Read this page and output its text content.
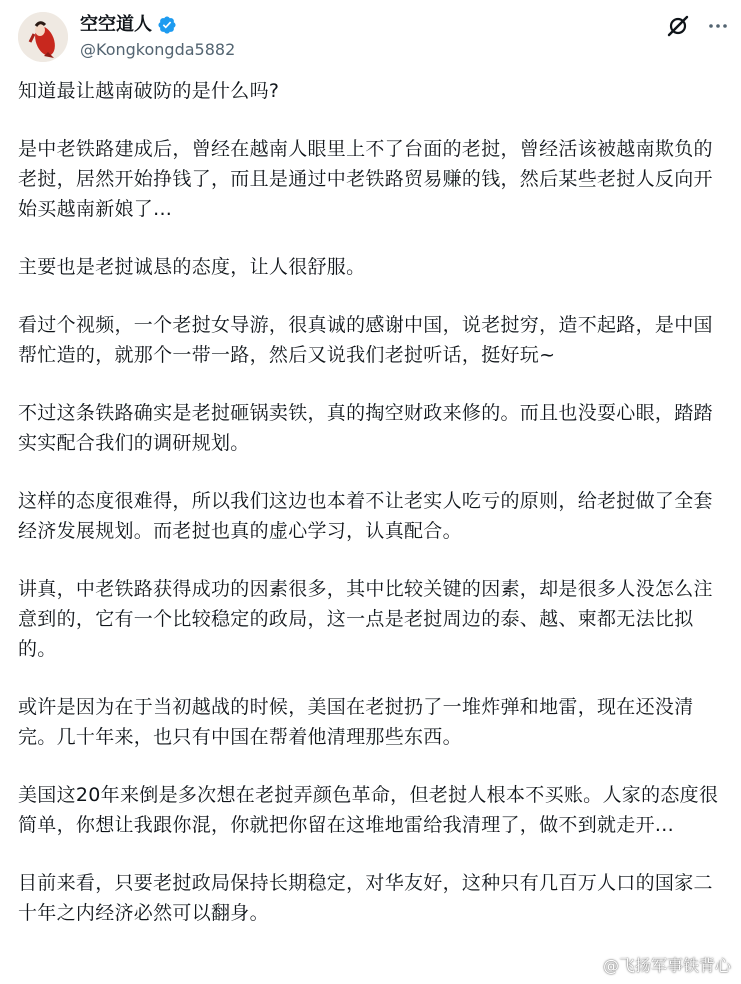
空空道人
@Kongkongda5882

知道最让越南破防的是什么吗?

是中老铁路建成后，曾经在越南人眼里上不了台面的老挝，曾经活该被越南欺负的老挝，居然开始挣钱了，而且是通过中老铁路贸易赚的钱，然后某些老挝人反向开始买越南新娘了...

主要也是老挝诚恳的态度，让人很舒服。

看过个视频，一个老挝女导游，很真诚的感谢中国，说老挝穷，造不起路，是中国帮忙造的，就那个一带一路，然后又说我们老挝听话，挺好玩~

不过这条铁路确实是老挝砸锅卖铁，真的掏空财政来修的。而且也没耍心眼，踏踏实实配合我们的调研规划。

这样的态度很难得，所以我们这边也本着不让老实人吃亏的原则，给老挝做了全套经济发展规划。而老挝也真的虚心学习，认真配合。

讲真，中老铁路获得成功的因素很多，其中比较关键的因素，却是很多人没怎么注意到的，它有一个比较稳定的政局，这一点是老挝周边的泰、越、柬都无法比拟的。

或许是因为在于当初越战的时候，美国在老挝扔了一堆炸弹和地雷，现在还没清完。几十年来，也只有中国在帮着他清理那些东西。

美国这20年来倒是多次想在老挝弄颜色革命，但老挝人根本不买账。人家的态度很简单，你想让我跟你混，你就把你留在这堆地雷给我清理了，做不到就走开...

目前来看，只要老挝政局保持长期稳定，对华友好，这种只有几百万人口的国家二十年之内经济必然可以翻身。

@飞扬军事铁背心
